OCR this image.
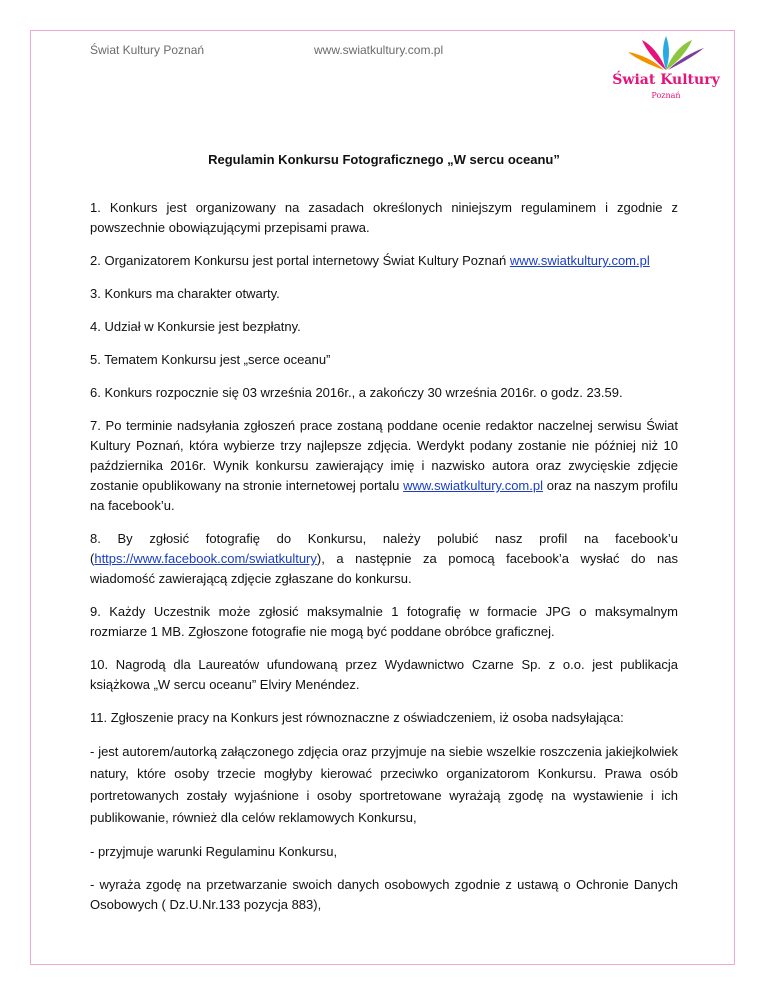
Świat Kultury Poznań	www.swiatkultury.com.pl
Świat Kultury
Poznań
Regulamin Konkursu Fotograficznego „W sercu oceanu”

1. Konkurs jest organizowany na zasadach określonych niniejszym regulaminem i zgodnie z powszechnie obowiązującymi przepisami prawa.

2. Organizatorem Konkursu jest portal internetowy Świat Kultury Poznań www.swiatkultury.com.pl

3. Konkurs ma charakter otwarty.

4. Udział w Konkursie jest bezpłatny.

5. Tematem Konkursu jest „serce oceanu”

6. Konkurs rozpocznie się 03 września 2016r., a zakończy 30 września 2016r. o godz. 23.59.

7. Po terminie nadsyłania zgłoszeń prace zostaną poddane ocenie redaktor naczelnej serwisu Świat Kultury Poznań, która wybierze trzy najlepsze zdjęcia. Werdykt podany zostanie nie później niż 10 października 2016r. Wynik konkursu zawierający imię i nazwisko autora oraz zwycięskie zdjęcie zostanie opublikowany na stronie internetowej portalu www.swiatkultury.com.pl oraz na naszym profilu na facebook’u.

8. By zgłosić fotografię do Konkursu, należy polubić nasz profil na facebook’u (https://www.facebook.com/swiatkultury), a następnie za pomocą facebook’a wysłać do nas wiadomość zawierającą zdjęcie zgłaszane do konkursu.

9. Każdy Uczestnik może zgłosić maksymalnie 1 fotografię w formacie JPG o maksymalnym rozmiarze 1 MB. Zgłoszone fotografie nie mogą być poddane obróbce graficznej.

10. Nagrodą dla Laureatów ufundowaną przez Wydawnictwo Czarne Sp. z o.o. jest publikacja książkowa „W sercu oceanu” Elviry Menéndez.

11. Zgłoszenie pracy na Konkurs jest równoznaczne z oświadczeniem, iż osoba nadsyłająca:

- jest autorem/autorką załączonego zdjęcia oraz przyjmuje na siebie wszelkie roszczenia jakiejkolwiek natury, które osoby trzecie mogłyby kierować przeciwko organizatorom Konkursu. Prawa osób portretowanych zostały wyjaśnione i osoby sportretowane wyrażają zgodę na wystawienie i ich publikowanie, również dla celów reklamowych Konkursu,

- przyjmuje warunki Regulaminu Konkursu,

- wyraża zgodę na przetwarzanie swoich danych osobowych zgodnie z ustawą o Ochronie Danych Osobowych ( Dz.U.Nr.133 pozycja 883),
